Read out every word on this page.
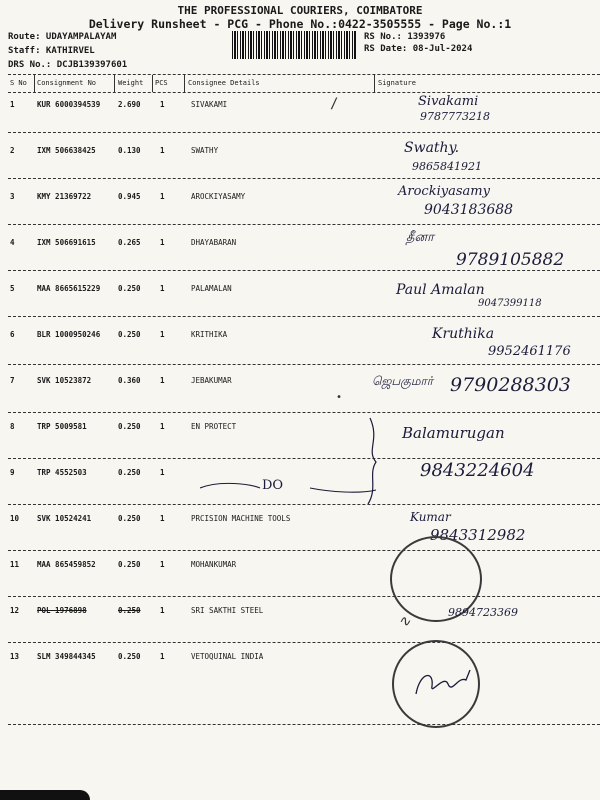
THE PROFESSIONAL COURIERS, COIMBATORE
Delivery Runsheet - PCG - Phone No.:0422-3505555 - Page No.:1
Route: UDAYAMPALAYAM
Staff: KATHIRVEL
DRS No.: DCJB139397601
RS No.: 1393976
RS Date: 08-Jul-2024
S No Consignment No	Weight PCS	Consignee Details	Signature
1	KUR 6000394539 2.690	1	SIVAKAMI	Sivakami
9787773218
/
2	IXM 506638425	0.130	1	SWATHY	Swathy.
9865841921
3	KMY 21369722	0.945	1	AROCKIYASAMY	Arockiyasamy
9043183688
4	IXM 506691615	0.265	1	DHAYABARAN	தீனா
9789105882
5	MAA 8665615229 0.250	1	PALAMALAN	Paul Amalan
9047399118
6	BLR 1000950246 0.250	1	KRITHIKA	Kruthika
9952461176
7	SVK 10523872	0.360	1	JEBAKUMAR	ஜெபகுமார் 9790288303
•
8	TRP 5009581	0.250	1	EN PROTECT	Balamurugan
9	TRP 4552503	0.250	1
DO
9843224604
10 SVK 10524241	0.250	1	PRCISION MACHINE TOOLS	Kumar
9843312982
11 MAA 865459852	0.250	1	MOHANKUMAR
12 POL 1976898	0.250	1	SRI SAKTHI STEEL	9894723369
∿
13 SLM 349844345	0.250	1	VETOQUINAL INDIA
